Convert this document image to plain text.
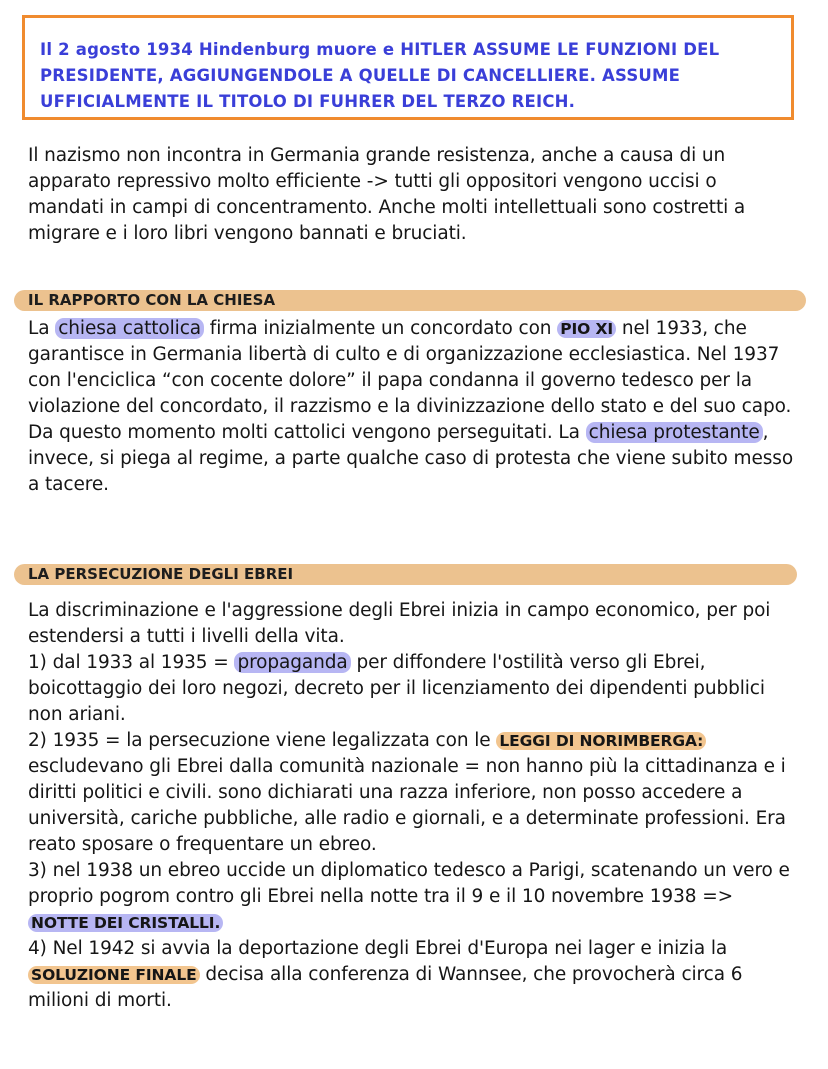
Il 2 agosto 1934 Hindenburg muore e HITLER ASSUME LE FUNZIONI DEL PRESIDENTE, AGGIUNGENDOLE A QUELLE DI CANCELLIERE. ASSUME UFFICIALMENTE IL TITOLO DI FUHRER DEL TERZO REICH.
Il nazismo non incontra in Germania grande resistenza, anche a causa di un apparato repressivo molto efficiente -> tutti gli oppositori vengono uccisi o mandati in campi di concentramento. Anche molti intellettuali sono costretti a migrare e i loro libri vengono bannati e bruciati.
IL RAPPORTO CON LA CHIESA
La chiesa cattolica firma inizialmente un concordato con PIO XI nel 1933, che garantisce in Germania libertà di culto e di organizzazione ecclesiastica. Nel 1937 con l'enciclica “con cocente dolore” il papa condanna il governo tedesco per la violazione del concordato, il razzismo e la divinizzazione dello stato e del suo capo. Da questo momento molti cattolici vengono perseguitati. La chiesa protestante , invece, si piega al regime, a parte qualche caso di protesta che viene subito messo a tacere.
LA PERSECUZIONE DEGLI EBREI
La discriminazione e l'aggressione degli Ebrei inizia in campo economico, per poi estendersi a tutti i livelli della vita.
1) dal 1933 al 1935 = propaganda per diffondere l'ostilità verso gli Ebrei, boicottaggio dei loro negozi, decreto per il licenziamento dei dipendenti pubblici non ariani.
2) 1935 = la persecuzione viene legalizzata con le LEGGI DI NORIMBERGA: escludevano gli Ebrei dalla comunità nazionale = non hanno più la cittadinanza e i diritti politici e civili. sono dichiarati una razza inferiore, non posso accedere a università, cariche pubbliche, alle radio e giornali, e a determinate professioni. Era reato sposare o frequentare un ebreo.
3) nel 1938 un ebreo uccide un diplomatico tedesco a Parigi, scatenando un vero e proprio pogrom contro gli Ebrei nella notte tra il 9 e il 10 novembre 1938 => NOTTE DEI CRISTALLI.
4) Nel 1942 si avvia la deportazione degli Ebrei d'Europa nei lager e inizia la SOLUZIONE FINALE decisa alla conferenza di Wannsee, che provocherà circa 6 milioni di morti.
